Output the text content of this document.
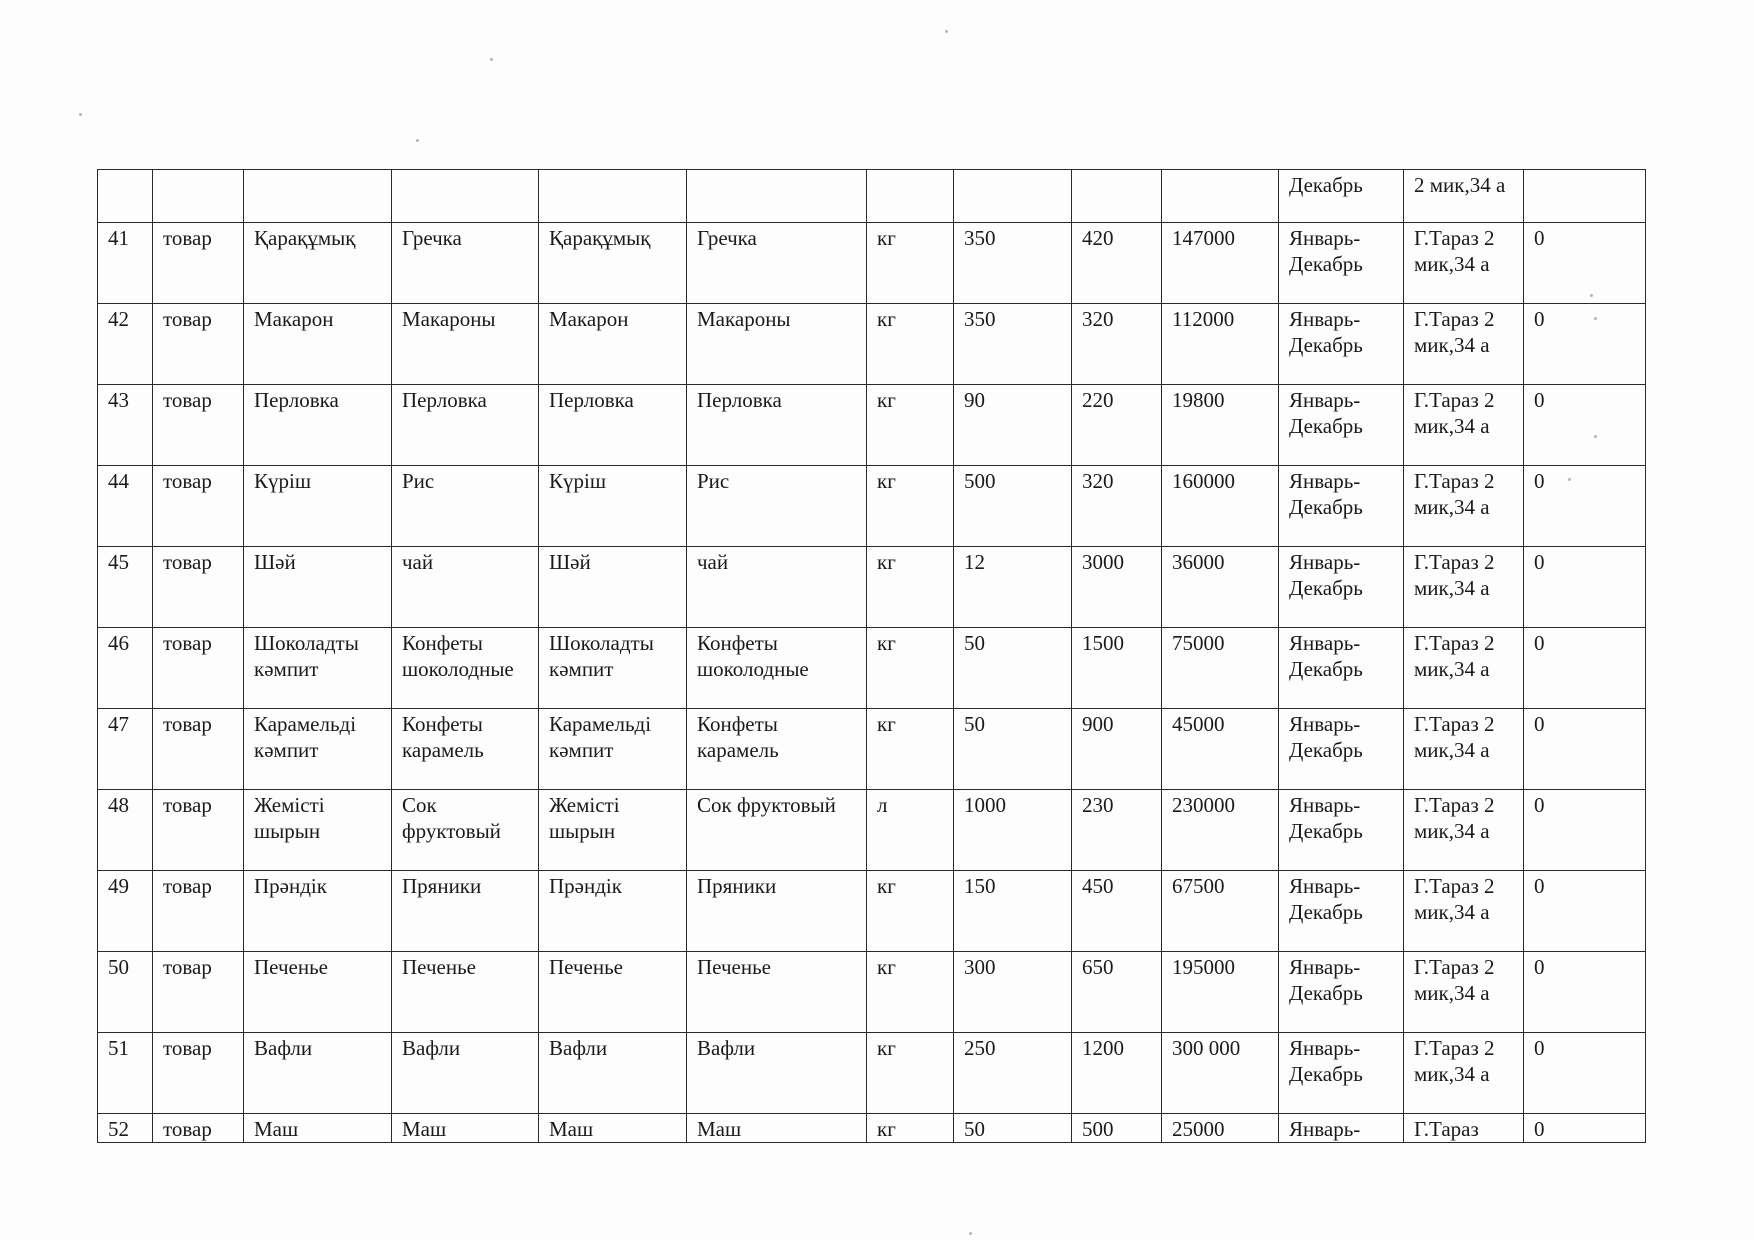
										Декабрь	2 мик,34 а	
41	товар	Қарақұмық	Гречка	Қарақұмық	Гречка	кг	350	420	147000	Январь-Декабрь	Г.Тараз 2 мик,34 а	0
42	товар	Макарон	Макароны	Макарон	Макароны	кг	350	320	112000	Январь-Декабрь	Г.Тараз 2 мик,34 а	0
43	товар	Перловка	Перловка	Перловка	Перловка	кг	90	220	19800	Январь-Декабрь	Г.Тараз 2 мик,34 а	0
44	товар	Күріш	Рис	Күріш	Рис	кг	500	320	160000	Январь-Декабрь	Г.Тараз 2 мик,34 а	0
45	товар	Шәй	чай	Шәй	чай	кг	12	3000	36000	Январь-Декабрь	Г.Тараз 2 мик,34 а	0
46	товар	Шоколадты кәмпит	Конфеты шоколодные	Шоколадты кәмпит	Конфеты шоколодные	кг	50	1500	75000	Январь-Декабрь	Г.Тараз 2 мик,34 а	0
47	товар	Карамельді кәмпит	Конфеты карамель	Карамельді кәмпит	Конфеты карамель	кг	50	900	45000	Январь-Декабрь	Г.Тараз 2 мик,34 а	0
48	товар	Жемісті шырын	Сок фруктовый	Жемісті шырын	Сок фруктовый	л	1000	230	230000	Январь-Декабрь	Г.Тараз 2 мик,34 а	0
49	товар	Прәндік	Пряники	Прәндік	Пряники	кг	150	450	67500	Январь-Декабрь	Г.Тараз 2 мик,34 а	0
50	товар	Печенье	Печенье	Печенье	Печенье	кг	300	650	195000	Январь-Декабрь	Г.Тараз 2 мик,34 а	0
51	товар	Вафли	Вафли	Вафли	Вафли	кг	250	1200	300 000	Январь-Декабрь	Г.Тараз 2 мик,34 а	0
52	товар	Маш	Маш	Маш	Маш	кг	50	500	25000	Январь-	Г.Тараз	0
